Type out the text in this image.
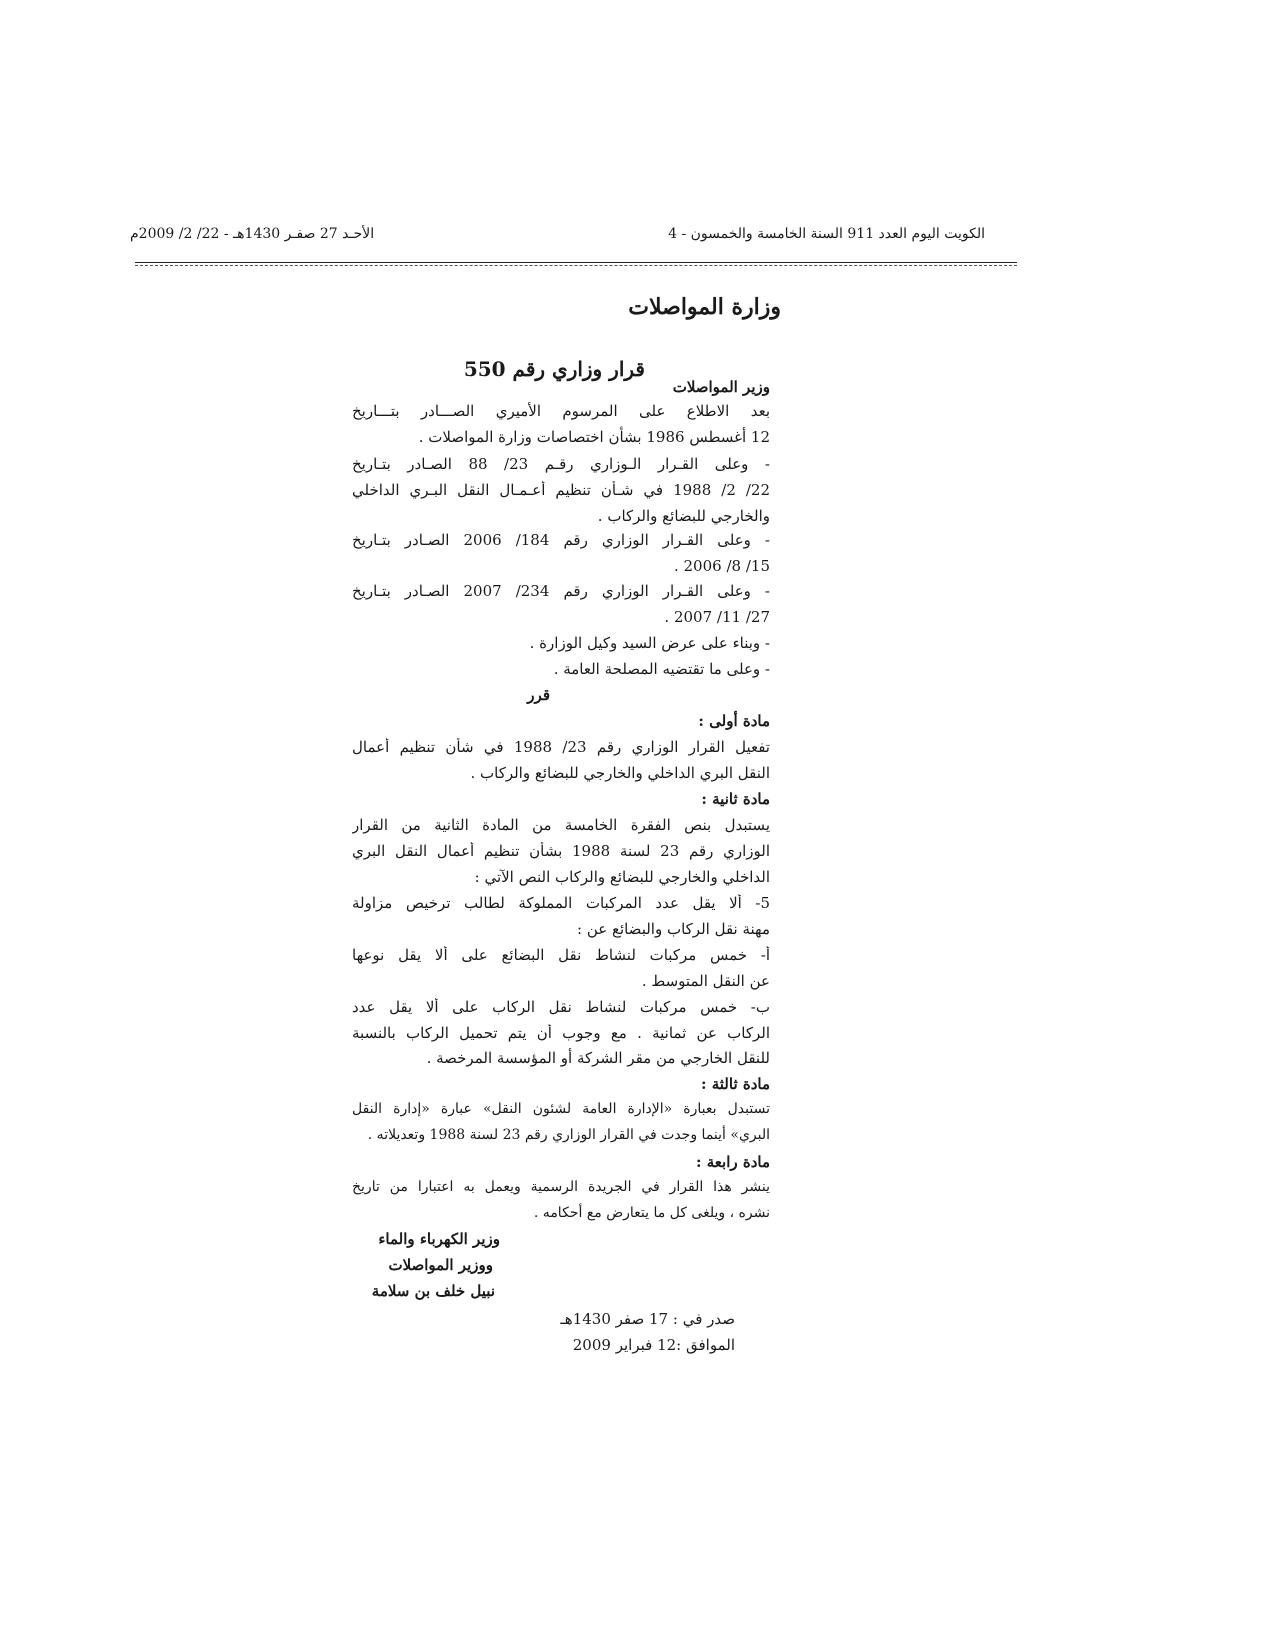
الكويت اليوم العدد 911 السنة الخامسة والخمسون - 4
الأحـد 27 صفـر 1430هـ - 22/ 2/ 2009م
وزارة المواصلات
قرار وزاري رقم 550
وزير المواصلات
بعد الاطلاع على المرسوم الأميري الصـــادر بتـــاريخ
12 أغسطس 1986 بشأن اختصاصات وزارة المواصلات .
- وعلى القـرار الـوزاري رقـم 23/ 88 الصـادر بتـاريخ
22/ 2/ 1988 في شـأن تنظيم أعـمـال النقل البـري الداخلي
والخارجي للبضائع والركاب .
- وعلى القـرار الوزاري رقم 184/ 2006 الصـادر بتـاريخ
15/ 8/ 2006 .
- وعلى القـرار الوزاري رقم 234/ 2007 الصـادر بتـاريخ
27/ 11/ 2007 .
- وبناء على عرض السيد وكيل الوزارة .
- وعلى ما تقتضيه المصلحة العامة .
قرر
مادة أولى :
تفعيل القرار الوزاري رقم 23/ 1988 في شأن تنظيم أعمال
النقل البري الداخلي والخارجي للبضائع والركاب .
مادة ثانية :
يستبدل بنص الفقرة الخامسة من المادة الثانية من القرار
الوزاري رقم 23 لسنة 1988 بشأن تنظيم أعمال النقل البري
الداخلي والخارجي للبضائع والركاب النص الآتي :
5- ألا يقل عدد المركبات المملوكة لطالب ترخيص مزاولة
مهنة نقل الركاب والبضائع عن :
أ- خمس مركبات لنشاط نقل البضائع على ألا يقل نوعها
عن النقل المتوسط .
ب- خمس مركبات لنشاط نقل الركاب على ألا يقل عدد
الركاب عن ثمانية . مع وجوب أن يتم تحميل الركاب بالنسبة
للنقل الخارجي من مقر الشركة أو المؤسسة المرخصة .
مادة ثالثة :
تستبدل بعبارة «الإدارة العامة لشئون النقل» عبارة «إدارة النقل
البري» أينما وجدت في القرار الوزاري رقم 23 لسنة 1988 وتعديلاته .
مادة رابعة :
ينشر هذا القرار في الجريدة الرسمية ويعمل به اعتبارا من تاريخ
نشره ، ويلغى كل ما يتعارض مع أحكامه .
وزير الكهرباء والماء
ووزير المواصلات
نبيل خلف بن سلامة
صدر في : 17 صفر 1430هـ
الموافق :12 فبراير 2009
